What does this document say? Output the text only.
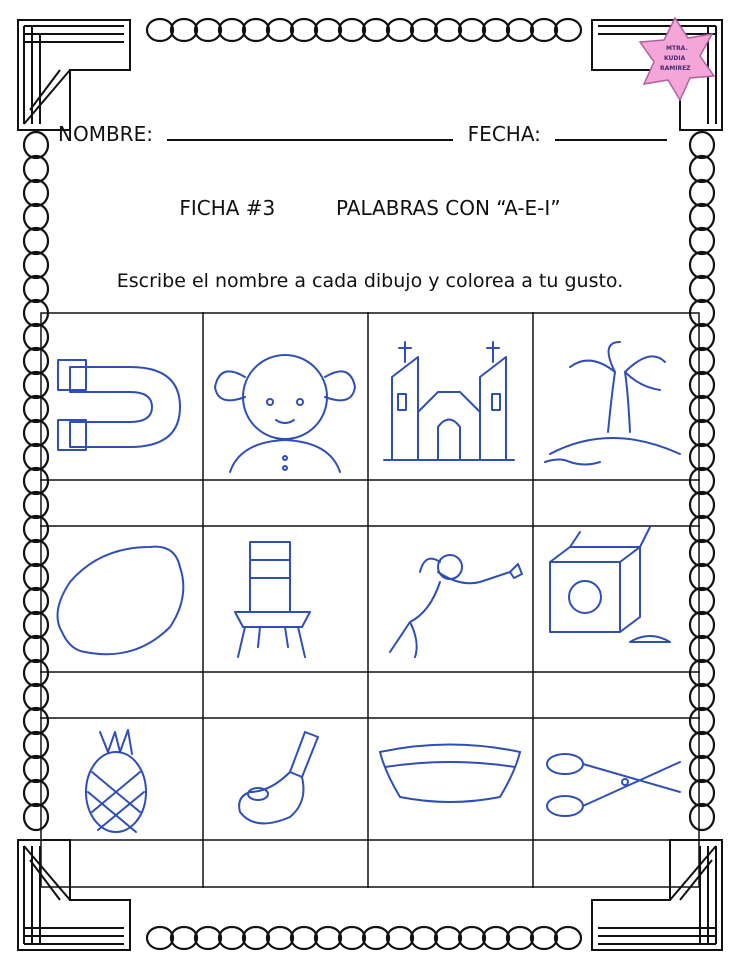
MTRA.
KUDIA
RAMIREZ
NOMBRE:	FECHA:
FICHA #3	PALABRAS CON “A-E-I”
Escribe el nombre a cada dibujo y colorea a tu gusto.
